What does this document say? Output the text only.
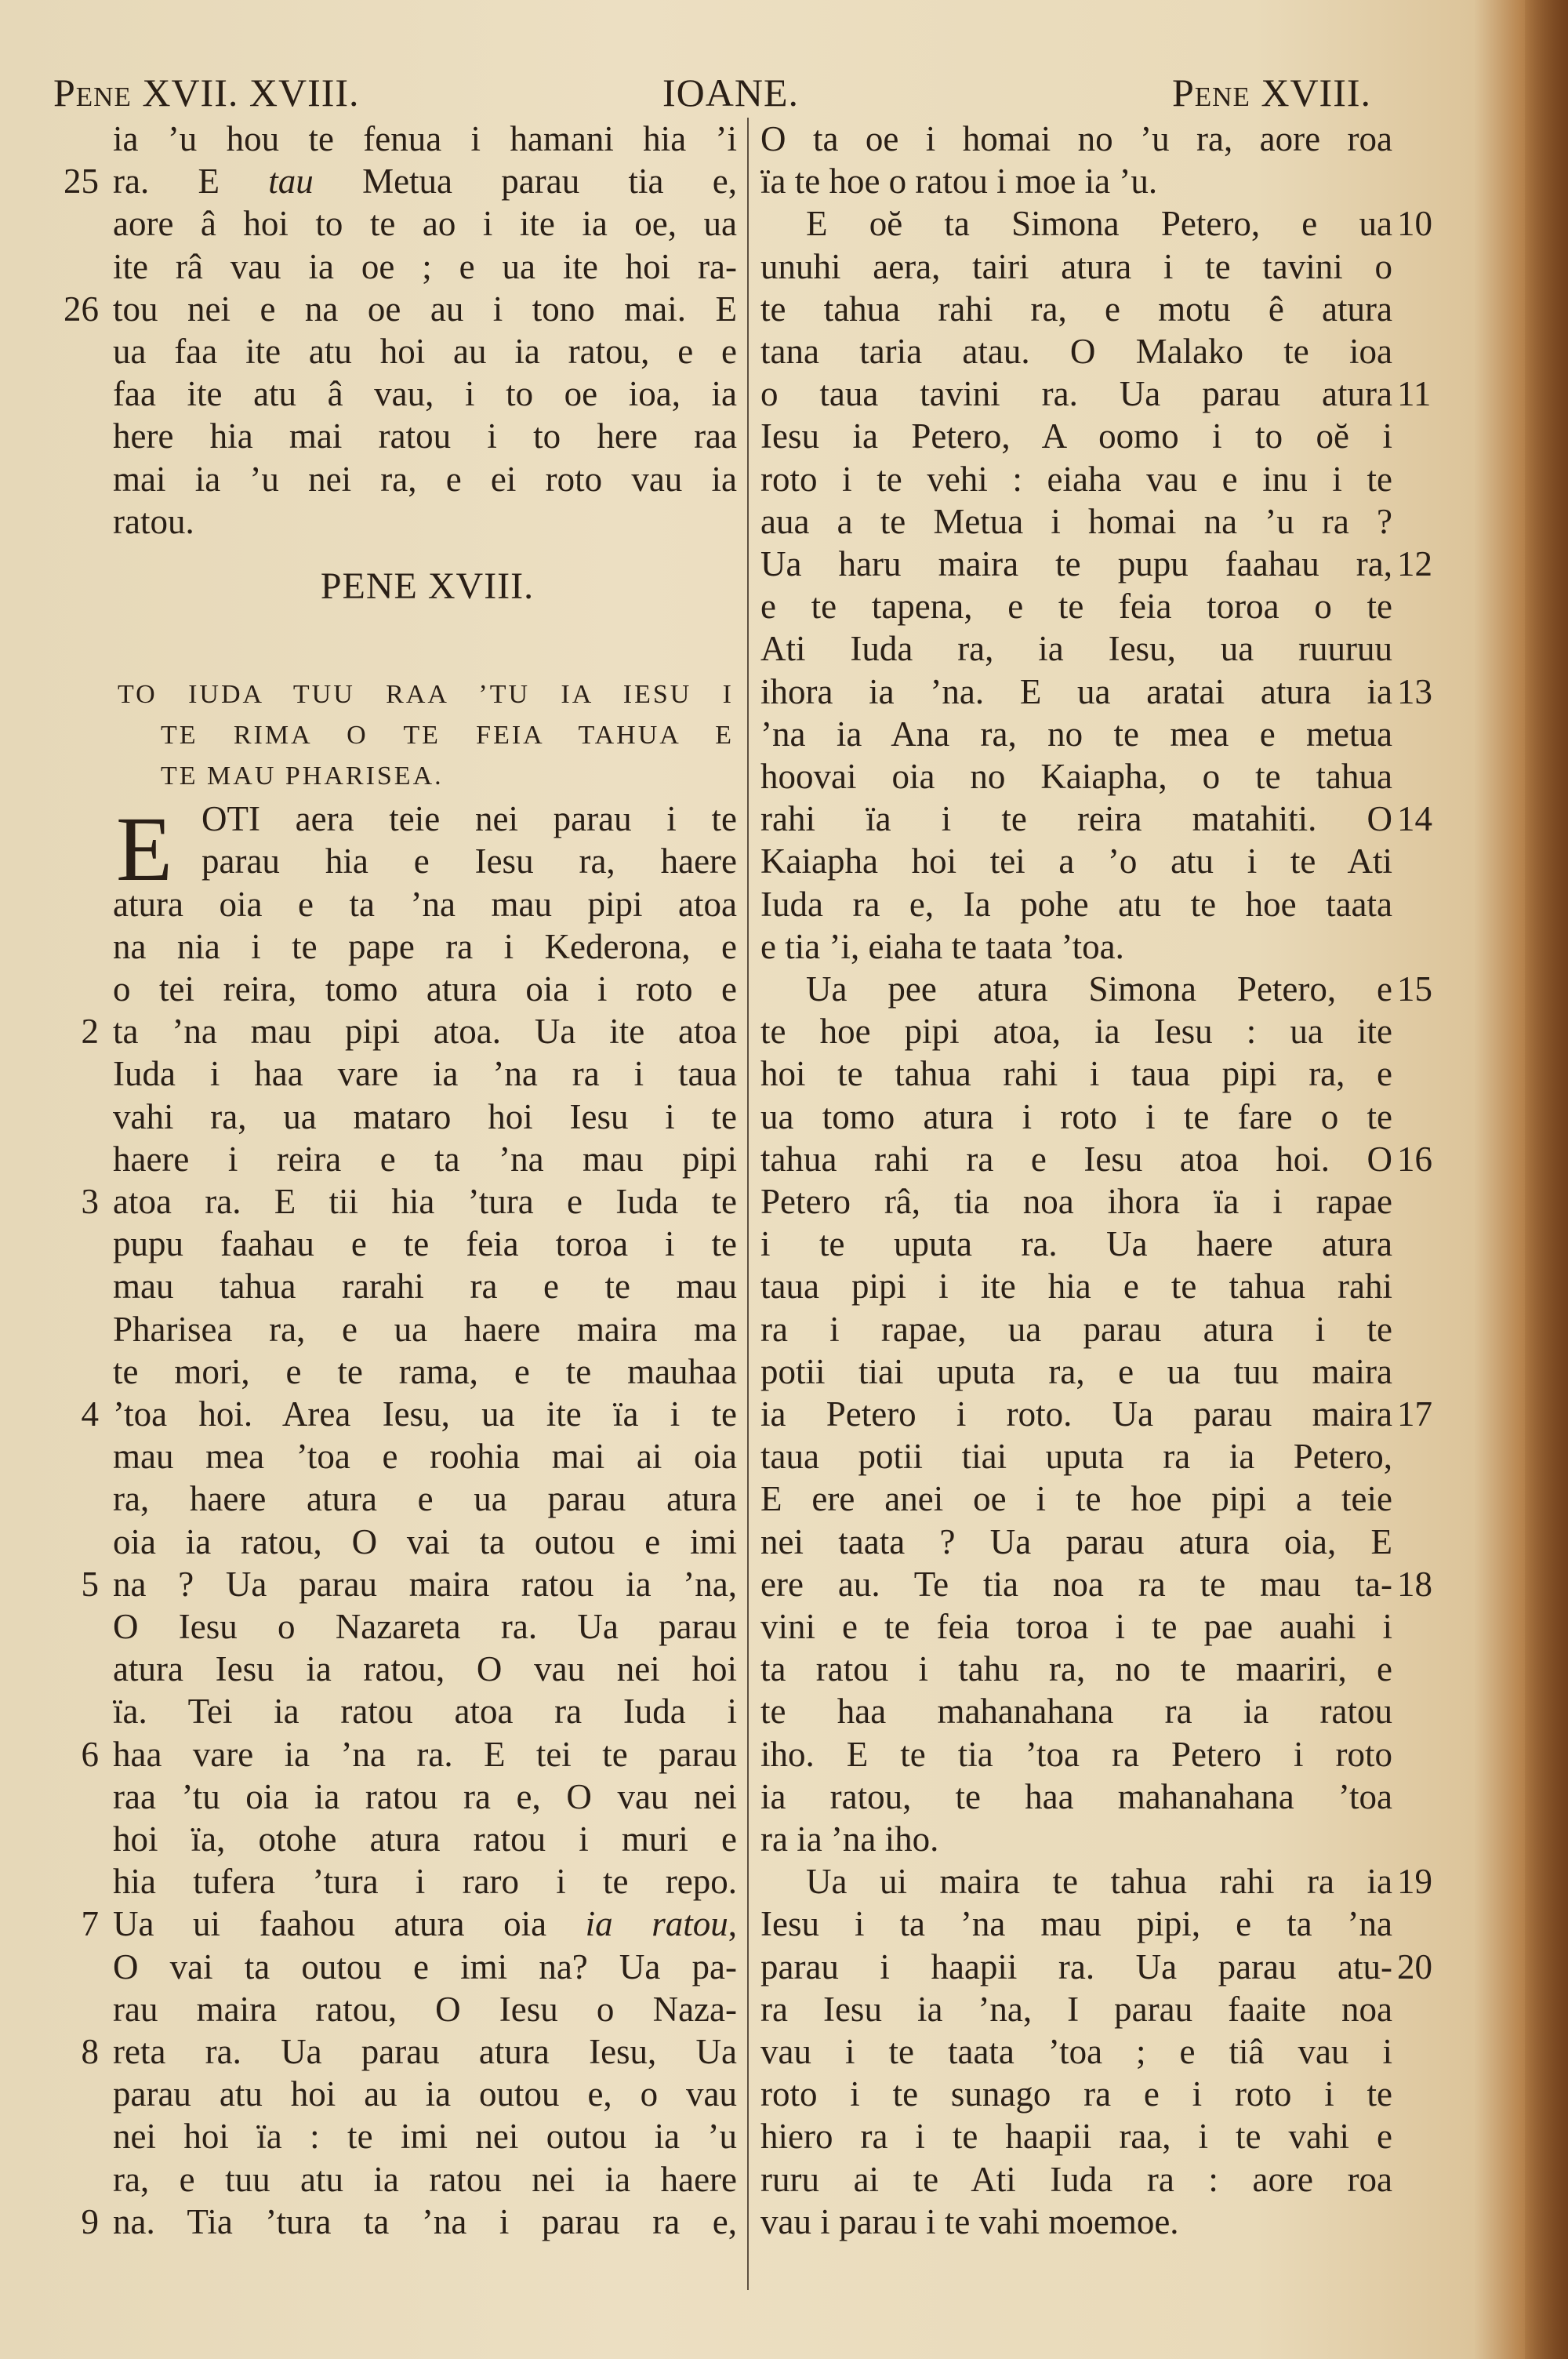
Pene XVII. XVIII.	IOANE.	Pene XVIII.
PENE XVIII.
TO IUDA TUU RAA ’TU IA IESU I
TE RIMA O TE FEIA TAHUA E
TE MAU PHARISEA.
E
ia ’u hou te fenua i hamani hia ’i
ra. E tau Metua parau tia e,
25
aore â hoi to te ao i ite ia oe, ua
ite râ vau ia oe ; e ua ite hoi ra-
tou nei e na oe au i tono mai. E
26
ua faa ite atu hoi au ia ratou, e e
faa ite atu â vau, i to oe ioa, ia
here hia mai ratou i to here raa
mai ia ’u nei ra, e ei roto vau ia
ratou.
OTI aera teie nei parau i te
parau hia e Iesu ra, haere
atura oia e ta ’na mau pipi atoa
na nia i te pape ra i Kederona, e
o tei reira, tomo atura oia i roto e
ta ’na mau pipi atoa. Ua ite atoa
2
Iuda i haa vare ia ’na ra i taua
vahi ra, ua mataro hoi Iesu i te
haere i reira e ta ’na mau pipi
atoa ra. E tii hia ’tura e Iuda te
3
pupu faahau e te feia toroa i te
mau tahua rarahi ra e te mau
Pharisea ra, e ua haere maira ma
te mori, e te rama, e te mauhaa
’toa hoi. Area Iesu, ua ite ïa i te
4
mau mea ’toa e roohia mai ai oia
ra, haere atura e ua parau atura
oia ia ratou, O vai ta outou e imi
na ? Ua parau maira ratou ia ’na,
5
O Iesu o Nazareta ra. Ua parau
atura Iesu ia ratou, O vau nei hoi
ïa. Tei ia ratou atoa ra Iuda i
haa vare ia ’na ra. E tei te parau
6
raa ’tu oia ia ratou ra e, O vau nei
hoi ïa, otohe atura ratou i muri e
hia tufera ’tura i raro i te repo.
Ua ui faahou atura oia ia ratou,
7
O vai ta outou e imi na? Ua pa-
rau maira ratou, O Iesu o Naza-
reta ra. Ua parau atura Iesu, Ua
8
parau atu hoi au ia outou e, o vau
nei hoi ïa : te imi nei outou ia ’u
ra, e tuu atu ia ratou nei ia haere
na. Tia ’tura ta ’na i parau ra e,
9
O ta oe i homai no ’u ra, aore roa
ïa te hoe o ratou i moe ia ’u.
E oĕ ta Simona Petero, e ua 10
unuhi aera, tairi atura i te tavini o
te tahua rahi ra, e motu ê atura
tana taria atau. O Malako te ioa
o taua tavini ra. Ua parau atura 11
Iesu ia Petero, A oomo i to oĕ i
roto i te vehi : eiaha vau e inu i te
aua a te Metua i homai na ’u ra ?
Ua haru maira te pupu faahau ra, 12
e te tapena, e te feia toroa o te
Ati Iuda ra, ia Iesu, ua ruuruu
ihora ia ’na. E ua aratai atura ia 13
’na ia Ana ra, no te mea e metua
hoovai oia no Kaiapha, o te tahua
rahi ïa i te reira matahiti. O 14
Kaiapha hoi tei a ’o atu i te Ati
Iuda ra e, Ia pohe atu te hoe taata
e tia ’i, eiaha te taata ’toa.
Ua pee atura Simona Petero, e 15
te hoe pipi atoa, ia Iesu : ua ite
hoi te tahua rahi i taua pipi ra, e
ua tomo atura i roto i te fare o te
tahua rahi ra e Iesu atoa hoi. O 16
Petero râ, tia noa ihora ïa i rapae
i te uputa ra. Ua haere atura
taua pipi i ite hia e te tahua rahi
ra i rapae, ua parau atura i te
potii tiai uputa ra, e ua tuu maira
ia Petero i roto. Ua parau maira 17
taua potii tiai uputa ra ia Petero,
E ere anei oe i te hoe pipi a teie
nei taata ? Ua parau atura oia, E
ere au. Te tia noa ra te mau ta- 18
vini e te feia toroa i te pae auahi i
ta ratou i tahu ra, no te maariri, e
te haa mahanahana ra ia ratou
iho. E te tia ’toa ra Petero i roto
ia ratou, te haa mahanahana ’toa
ra ia ’na iho.
Ua ui maira te tahua rahi ra ia 19
Iesu i ta ’na mau pipi, e ta ’na
parau i haapii ra. Ua parau atu- 20
ra Iesu ia ’na, I parau faaite noa
vau i te taata ’toa ; e tiâ vau i
roto i te sunago ra e i roto i te
hiero ra i te haapii raa, i te vahi e
ruru ai te Ati Iuda ra : aore roa
vau i parau i te vahi moemoe.
